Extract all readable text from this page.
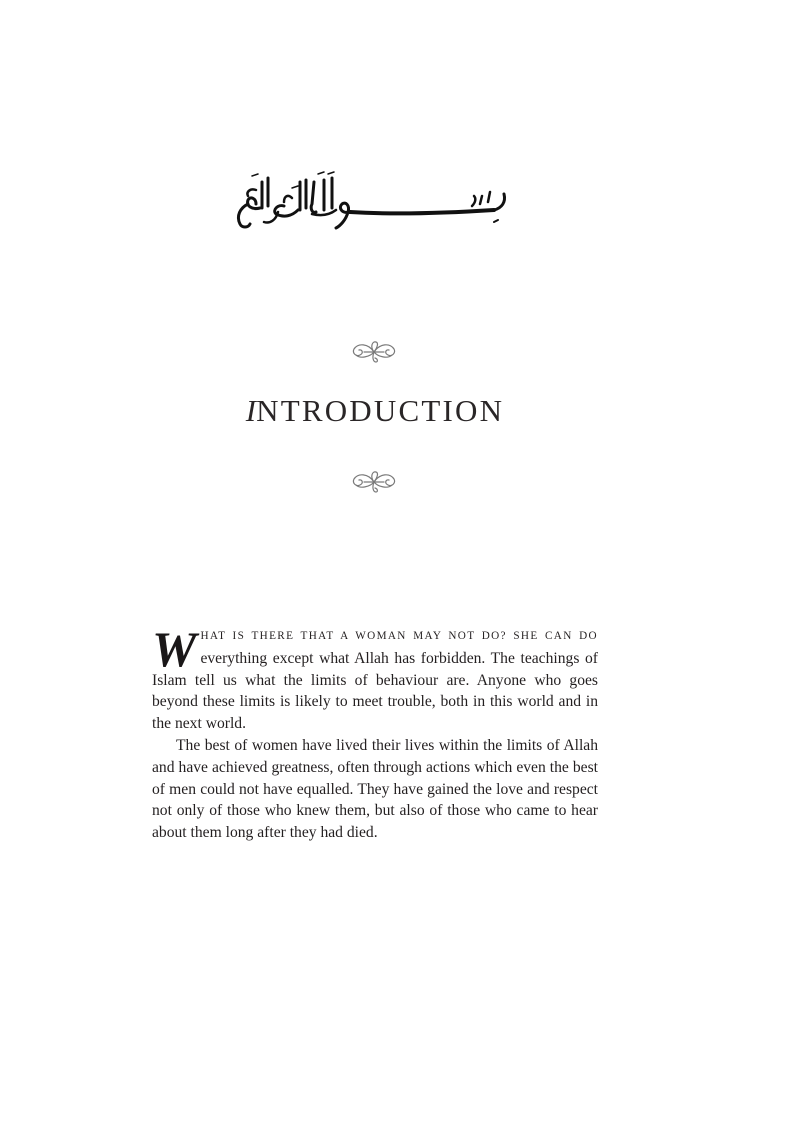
INTRODUCTION

WHAT IS THERE THAT A WOMAN MAY NOT DO? SHE CAN DO everything except what Allah has forbidden. The teachings of Islam tell us what the limits of behaviour are. Anyone who goes beyond these limits is likely to meet trouble, both in this world and in the next world.

The best of women have lived their lives within the limits of Allah and have achieved greatness, often through actions which even the best of men could not have equalled. They have gained the love and respect not only of those who knew them, but also of those who came to hear about them long after they had died.
